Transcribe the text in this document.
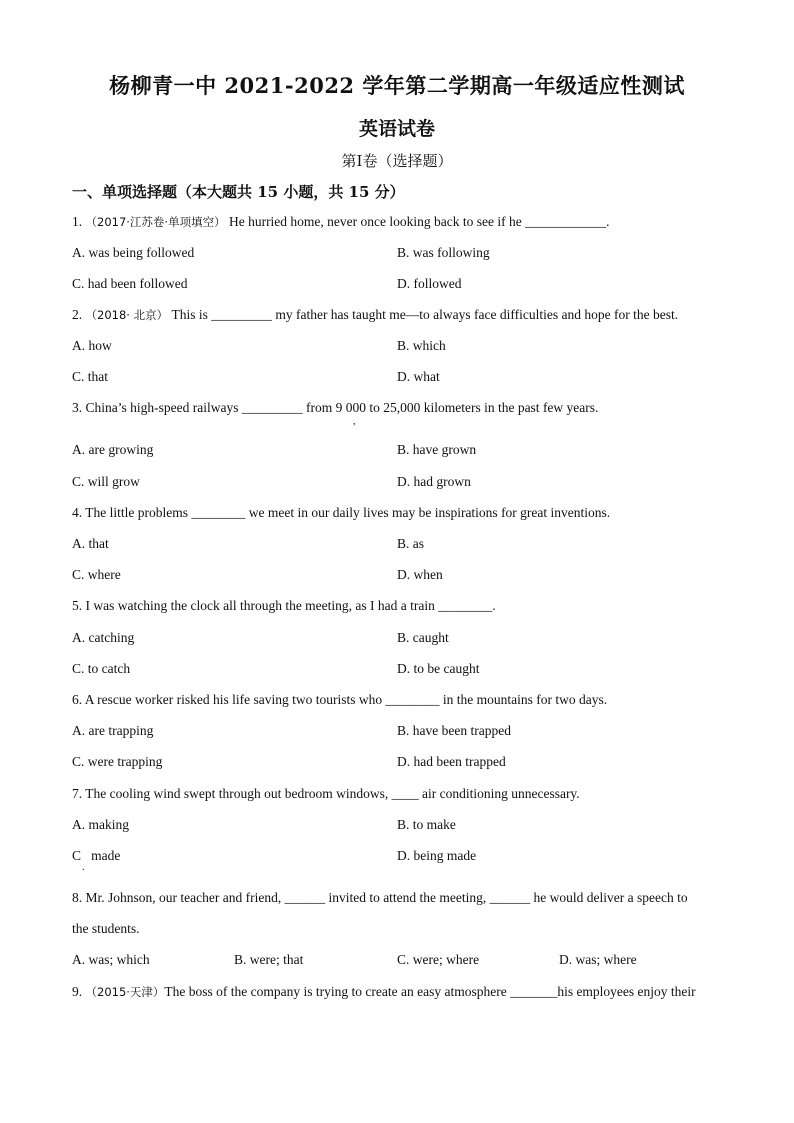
杨柳青一中 2021-2022 学年第二学期高一年级适应性测试
英语试卷
第Ⅰ卷（选择题）
一、单项选择题（本大题共 15 小题，共 15 分）
1. （2017·江苏卷·单项填空） He hurried home, never once looking back to see if he ____________.
A. was being followed	B. was following
C. had been followed	D. followed
2. （2018· 北京） This is _________ my father has taught me—to always face difficulties and hope for the best.
A. how	B. which
C. that	D. what
3. China’s high-speed railways _________ from 9 000 to 25,000 kilometers in the past few years.
,
A. are growing	B. have grown
C. will grow	D. had grown
4. The little problems ________ we meet in our daily lives may be inspirations for great inventions.
A. that	B. as
C. where	D. when
5. I was watching the clock all through the meeting, as I had a train ________.
A. catching	B. caught
C. to catch	D. to be caught
6. A rescue worker risked his life saving two tourists who ________ in the mountains for two days.
A. are trapping	B. have been trapped
C. were trapping	D. had been trapped
7. The cooling wind swept through out bedroom windows, ____ air conditioning unnecessary.
A. making	B. to make
C   made	D. being made
.
8. Mr. Johnson, our teacher and friend, ______ invited to attend the meeting, ______ he would deliver a speech to
the students.
A. was; which	B. were; that	C. were; where	D. was; where
9. （2015·天津）The boss of the company is trying to create an easy atmosphere _______his employees enjoy their
